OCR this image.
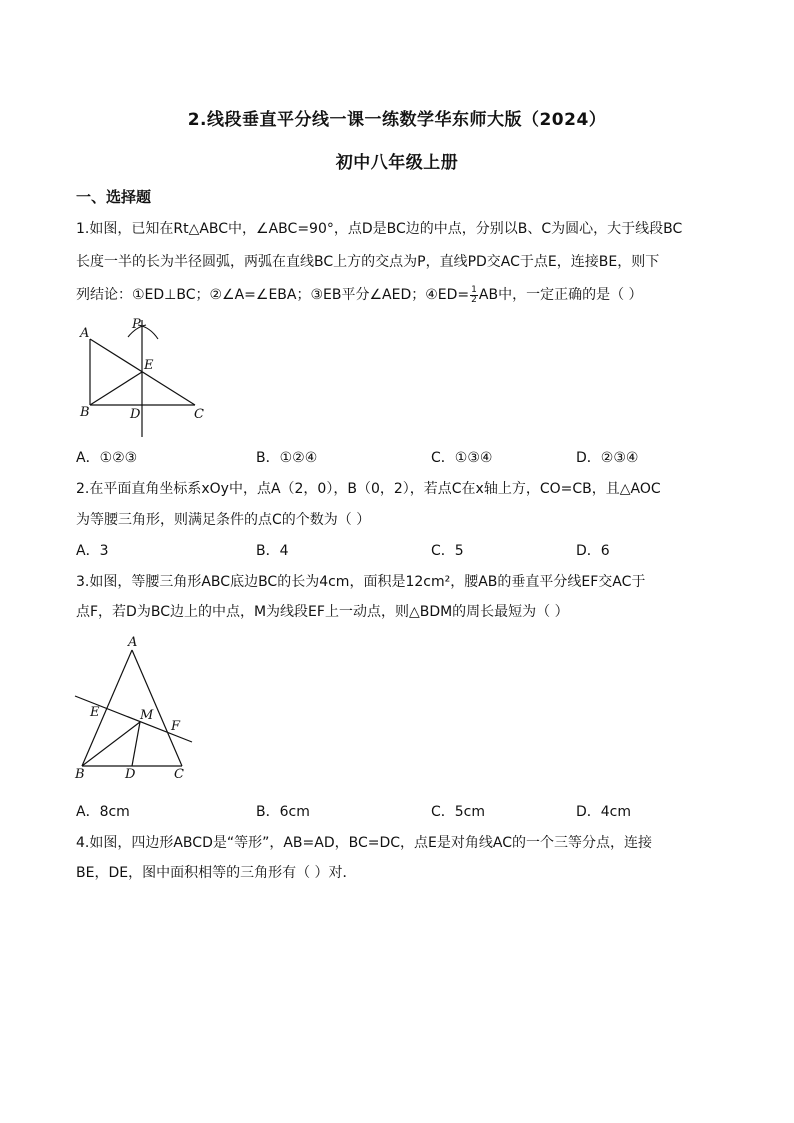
2.线段垂直平分线一课一练数学华东师大版（2024）
初中八年级上册
一、选择题
1.如图，已知在Rt△ABC中，∠ABC=90°，点D是BC边的中点，分别以B、C为圆心，大于线段BC
长度一半的长为半径圆弧，两弧在直线BC上方的交点为P，直线PD交AC于点E，连接BE，则下
列结论：①ED⊥BC；②∠A=∠EBA；③EB平分∠AED；④ED= $\frac{1}{2}$ AB中，一定正确的是（ ）
A
P
E
B	D	C
A．①②③	B．①②④	C．①③④	D．②③④
2.在平面直角坐标系xOy中，点A（2，0），B（0，2），若点C在x轴上方，CO=CB，且△AOC
为等腰三角形，则满足条件的点C的个数为（ ）
A．3	B．4	C．5	D．6
3.如图，等腰三角形ABC底边BC的长为4cm，面积是12cm²，腰AB的垂直平分线EF交AC于
点F，若D为BC边上的中点，M为线段EF上一动点，则△BDM的周长最短为（ ）
A
E	M
F
B	D	C
A．8cm	B．6cm	C．5cm	D．4cm
4.如图，四边形ABCD是“等形”，AB=AD，BC=DC，点E是对角线AC的一个三等分点，连接
BE，DE，图中面积相等的三角形有（ ）对．
